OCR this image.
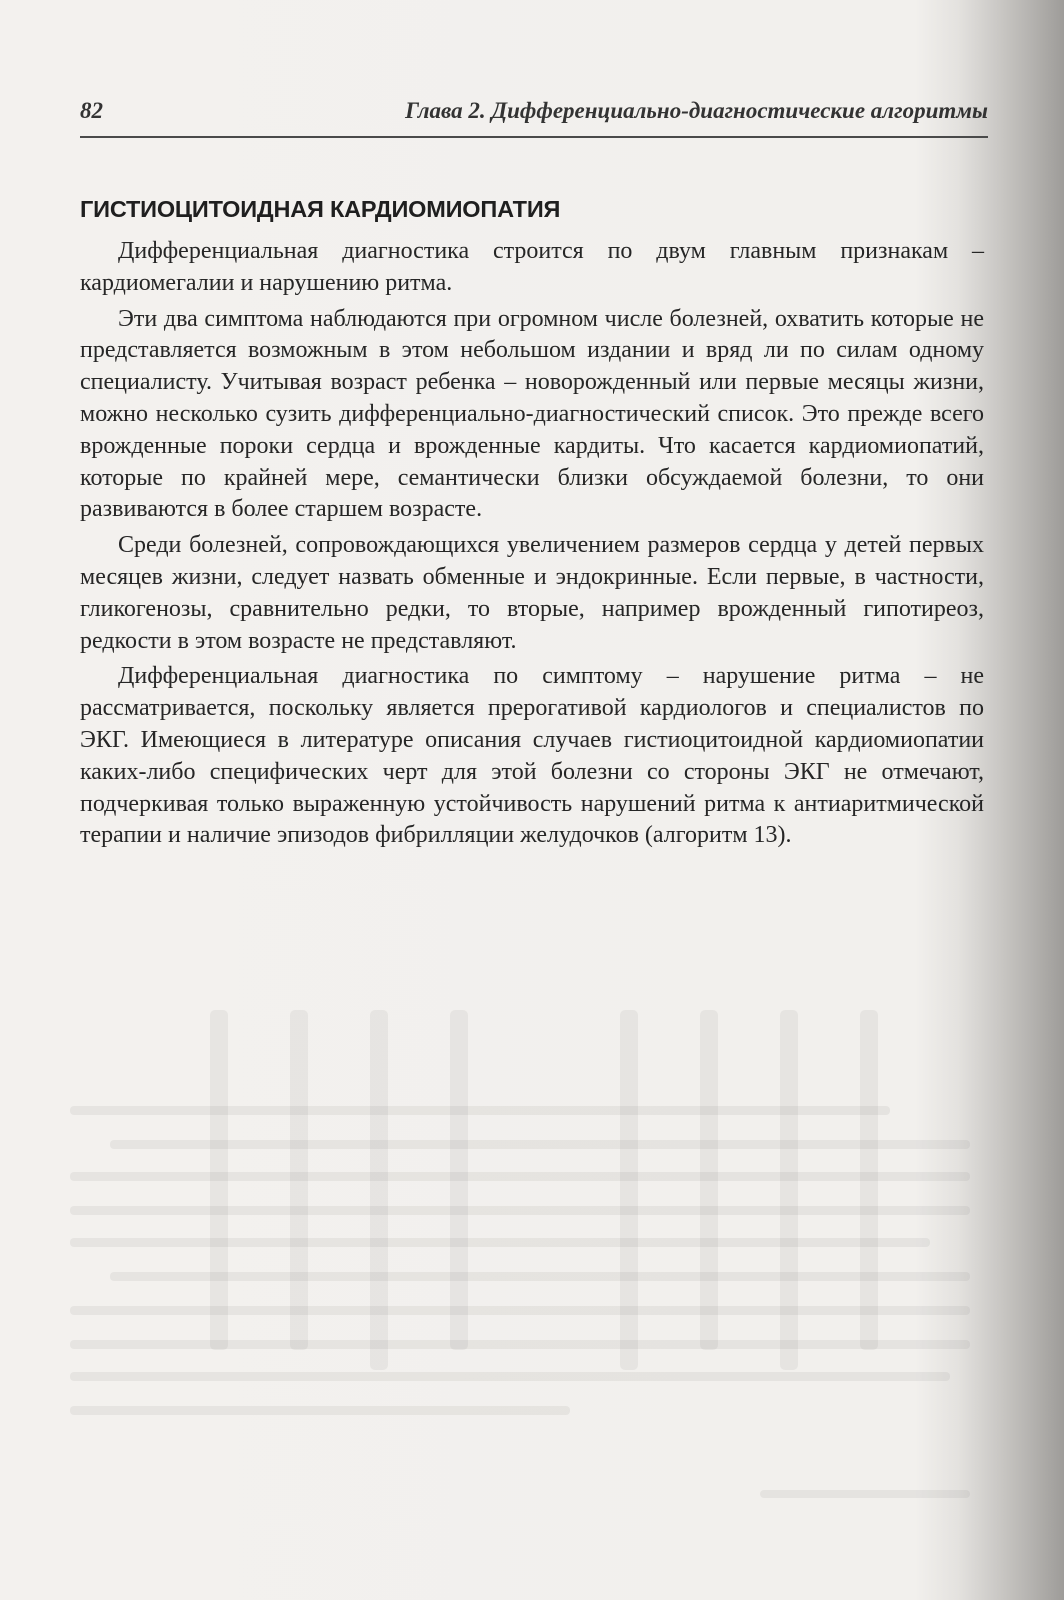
82	Глава 2. Дифференциально-диагностические алгоритмы
ГИСТИОЦИТОИДНАЯ КАРДИОМИОПАТИЯ

Дифференциальная диагностика строится по двум главным признакам – кардиомегалии и нарушению ритма.

Эти два симптома наблюдаются при огромном числе болезней, охватить которые не представляется возможным в этом небольшом издании и вряд ли по силам одному специалисту. Учитывая возраст ребенка – новорожденный или первые месяцы жизни, можно несколько сузить дифференциально-диагностический список. Это прежде всего врожденные пороки сердца и врожденные кардиты. Что касается кардиомиопатий, которые по крайней мере, семантически близки обсуждаемой болезни, то они развиваются в более старшем возрасте.

Среди болезней, сопровождающихся увеличением размеров сердца у детей первых месяцев жизни, следует назвать обменные и эндокринные. Если первые, в частности, гликогенозы, сравнительно редки, то вторые, например врожденный гипотиреоз, редкости в этом возрасте не представляют.

Дифференциальная диагностика по симптому – нарушение ритма – не рассматривается, поскольку является прерогативой кардиологов и специалистов по ЭКГ. Имеющиеся в литературе описания случаев гистиоцитоидной кардиомиопатии каких-либо специфических черт для этой болезни со стороны ЭКГ не отмечают, подчеркивая только выраженную устойчивость нарушений ритма к антиаритмической терапии и наличие эпизодов фибрилляции желудочков (алгоритм 13).
